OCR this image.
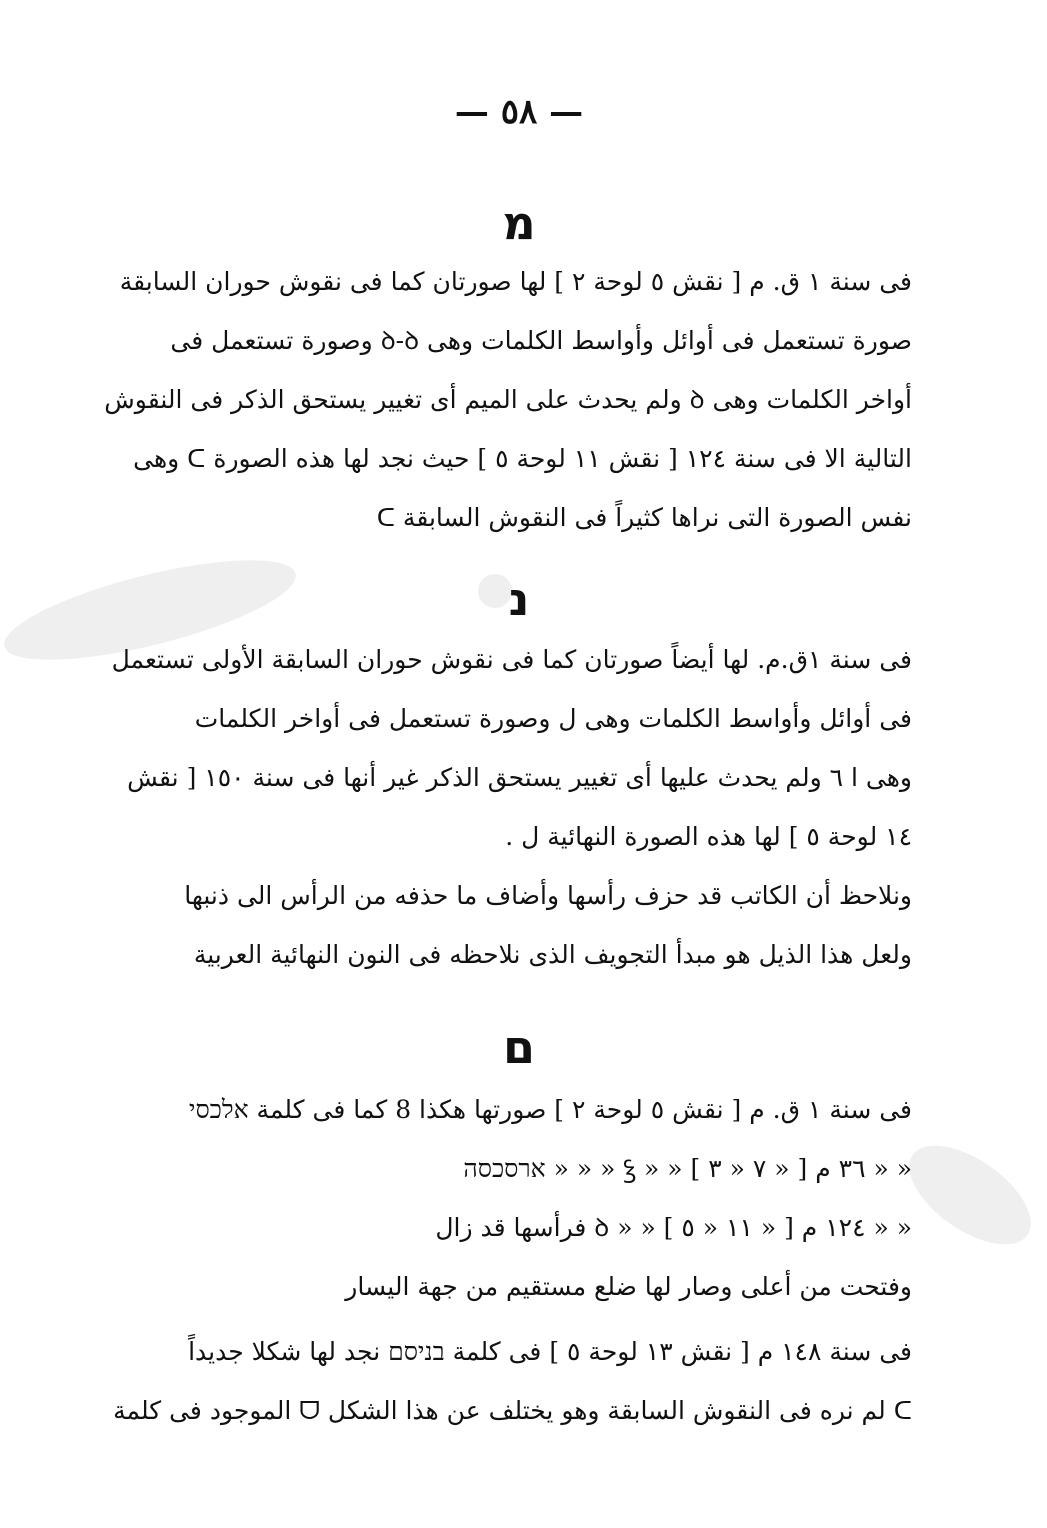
— ٥٨ —
מ
فى سنة ١ ق. م [ نقش ٥ لوحة ٢ ] لها صورتان كما فى نقوش حوران السابقة
صورة تستعمل فى أوائل وأواسط الكلمات وهى ꝺ-ꝺ وصورة تستعمل فى
أواخر الكلمات وهى ꝺ ولم يحدث على الميم أى تغيير يستحق الذكر فى النقوش
التالية الا فى سنة ١٢٤ [ نقش ١١ لوحة ٥ ] حيث نجد لها هذه الصورة ᑕ وهى
نفس الصورة التى نراها كثيراً فى النقوش السابقة ᑕ
נ
فى سنة ١ق.م. لها أيضاً صورتان كما فى نقوش حوران السابقة الأولى تستعمل
فى أوائل وأواسط الكلمات وهى ل وصورة تستعمل فى أواخر الكلمات
وهى ا ٦ ولم يحدث عليها أى تغيير يستحق الذكر غير أنها فى سنة ١٥٠ [ نقش
١٤ لوحة ٥ ] لها هذه الصورة النهائية ل .
ونلاحظ أن الكاتب قد حزف رأسها وأضاف ما حذفه من الرأس الى ذنبها
ولعل هذا الذيل هو مبدأ التجويف الذى نلاحظه فى النون النهائية العربية
ם
فى سنة ١ ق. م [ نقش ٥ لوحة ٢ ] صورتها هكذا 8 كما فى كلمة אלכסי
« « ٣٦ م [ « ٧ « ٣ ] « « ꝣ « « « ארסכסה
« « ١٢٤ م [ « ١١ « ٥ ] « « ꝺ فرأسها قد زال
وفتحت من أعلى وصار لها ضلع مستقيم من جهة اليسار
فى سنة ١٤٨ م [ نقش ١٣ لوحة ٥ ] فى كلمة בניסם نجد لها شكلا جديداً
ᑕ لم نره فى النقوش السابقة وهو يختلف عن هذا الشكل ᗜ الموجود فى كلمة
